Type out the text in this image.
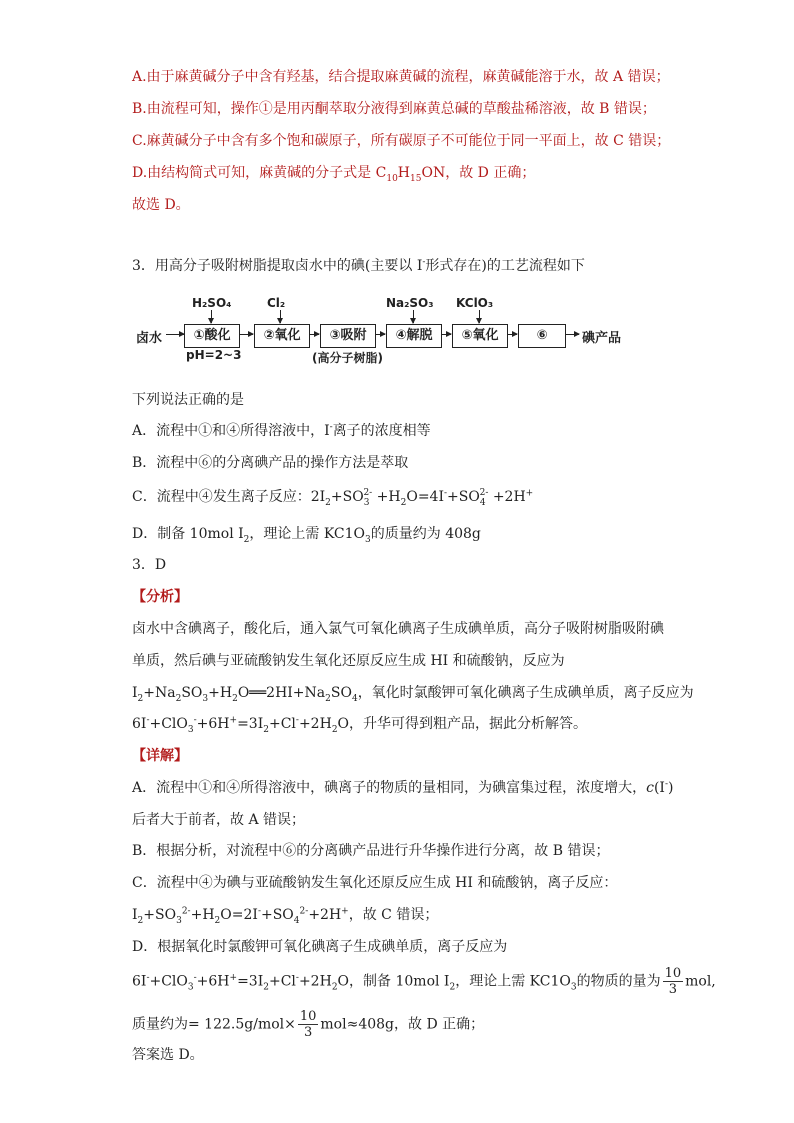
A.由于麻黄碱分子中含有羟基，结合提取麻黄碱的流程，麻黄碱能溶于水，故 A 错误；
B.由流程可知，操作①是用丙酮萃取分液得到麻黄总碱的草酸盐稀溶液，故 B 错误；
C.麻黄碱分子中含有多个饱和碳原子，所有碳原子不可能位于同一平面上，故 C 错误；
D.由结构简式可知，麻黄碱的分子式是 $C_{10}H_{15}ON$，故 D 正确；
故选 D。
3．用高分子吸附树脂提取卤水中的碘(主要以 I-形式存在)的工艺流程如下
卤水	①酸化	②氧化	③吸附	④解脱	⑤氧化	⑥	碘产品
H₂SO₄	Cl₂	Na₂SO₃ KClO₃
pH=2~3	(高分子树脂)
下列说法正确的是
A．流程中①和④所得溶液中，I-离子的浓度相等
B．流程中⑥的分离碘产品的操作方法是萃取
C．流程中④发生离子反应：$2I_2+SO_3^{2-} +H_2O=4I^-+SO_4^{2-} +2H^+$
D．制备 10mol $I_2$，理论上需 $KC1O_3$的质量约为 408g
3．D
【分析】
卤水中含碘离子，酸化后，通入氯气可氧化碘离子生成碘单质，高分子吸附树脂吸附碘
单质，然后碘与亚硫酸钠发生氧化还原反应生成 HI 和硫酸钠，反应为
$I_2+Na_2SO_3+H_2O══2HI+Na_2SO_4$，氧化时氯酸钾可氧化碘离子生成碘单质，离子反应为
$6I^-+ClO_3^-+6H^+=3I_2+Cl^-+2H_2O$，升华可得到粗产品，据此分析解答。
【详解】
A．流程中①和④所得溶液中，碘离子的物质的量相同，为碘富集过程，浓度增大，c(I-)
后者大于前者，故 A 错误；
B．根据分析，对流程中⑥的分离碘产品进行升华操作进行分离，故 B 错误；
C．流程中④为碘与亚硫酸钠发生氧化还原反应生成 HI 和硫酸钠，离子反应：
$I_2+SO_3^{2-}+H_2O=2I^-+SO_4^{2-}+2H^+$，故 C 错误；
D．根据氧化时氯酸钾可氧化碘离子生成碘单质，离子反应为
$6I^-+ClO_3^-+6H^+=3I_2+Cl^-+2H_2O$，制备 10mol $I_2$，理论上需 $KC1O_3$的物质的量为 $\frac{10}{3}$ mol,
质量约为= $122.5g/mol\times \frac{10}{3} mol\approx 408g$，故 D 正确；
答案选 D。
